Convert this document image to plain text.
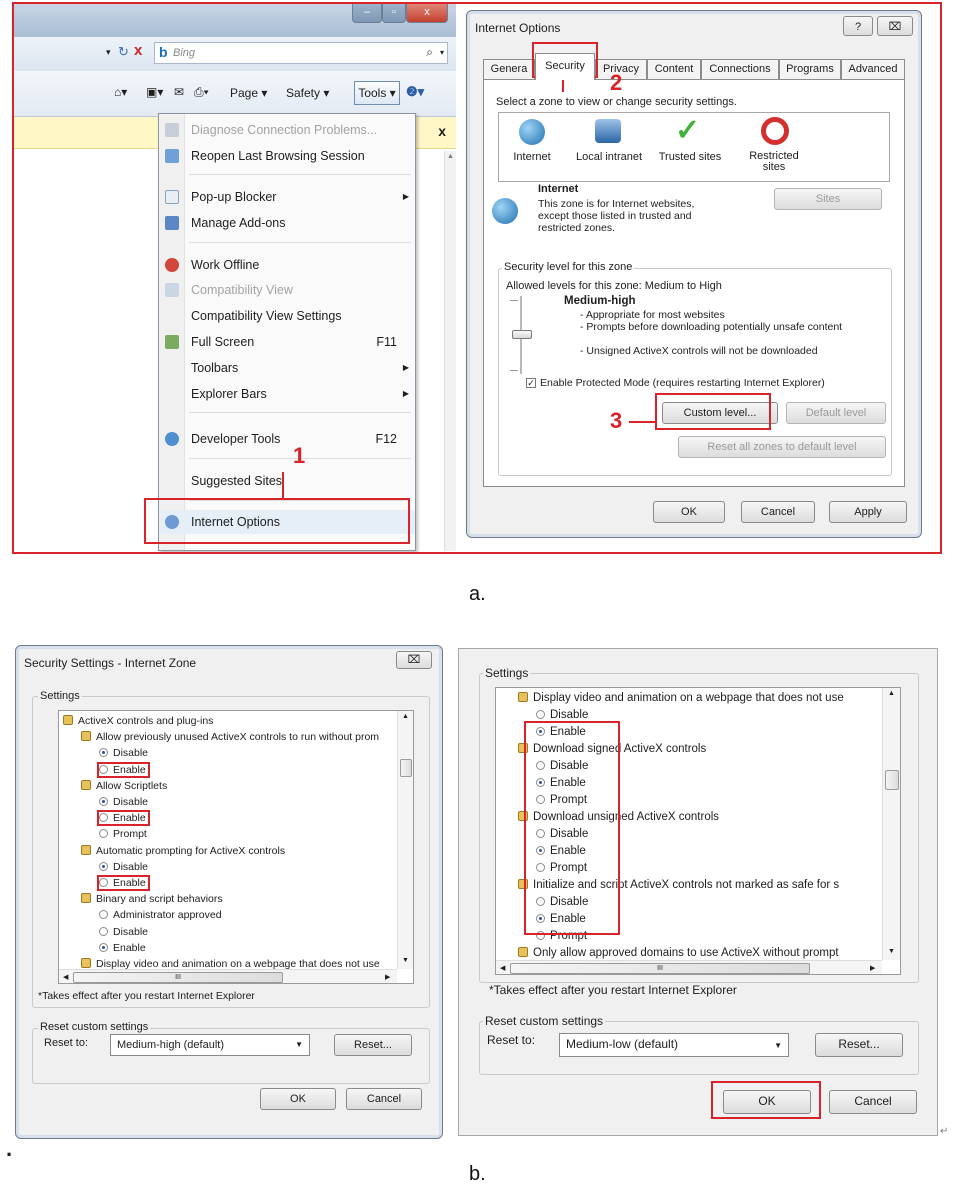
–	▫	x
▾ ↻ x b Bing	⌕ ▾
⌂▾ ▣▾ ✉ ⎙▾ Page ▾ Safety ▾	Tools ▾ ❷▾
x
▲
Diagnose Connection Problems...
Reopen Last Browsing Session
Pop-up Blocker	▶
Manage Add-ons
Work Offline
Compatibility View
Compatibility View Settings
Full Screen	F11
Toolbars	▶
Explorer Bars	▶
Developer Tools	F12
Suggested Sites
Internet Options
1
Internet Options	?	⌧
Genera	Security	Privacy	Content	Connections	Programs	Advanced
Select a zone to view or change security settings.
Internet	Local intranet
✓
Trusted sites	Restricted sites
Internet
This zone is for Internet websites, except those listed in trusted and restricted zones.
Sites
Security level for this zone
Allowed levels for this zone: Medium to High
Medium-high
- Appropriate for most websites
- Prompts before downloading potentially unsafe content
- Unsigned ActiveX controls will not be downloaded
✓ Enable Protected Mode (requires restarting Internet Explorer)
Custom level...	Default level
Reset all zones to default level
OK	Cancel	Apply
2
3
a.
Security Settings - Internet Zone	⌧
Settings
▲
▼
◀	III	▶
ActiveX controls and plug-ins
Allow previously unused ActiveX controls to run without prom
Disable
Enable
Allow Scriptlets
Disable
Enable
Prompt
Automatic prompting for ActiveX controls
Disable
Enable
Binary and script behaviors
Administrator approved
Disable
Enable
Display video and animation on a webpage that does not use
*Takes effect after you restart Internet Explorer
Reset custom settings
Reset to:	Medium-high (default)	▼	Reset...
OK	Cancel
Settings
▲
▼
◀	III	▶
Display video and animation on a webpage that does not use
Disable
Enable
Download signed ActiveX controls
Disable
Enable
Prompt
Download unsigned ActiveX controls
Disable
Enable
Prompt
Initialize and script ActiveX controls not marked as safe for s
Disable
Enable
Prompt
Only allow approved domains to use ActiveX without prompt
*Takes effect after you restart Internet Explorer
Reset custom settings
Reset to:	Medium-low (default)	▼	Reset...
OK	Cancel
.
↵
b.
